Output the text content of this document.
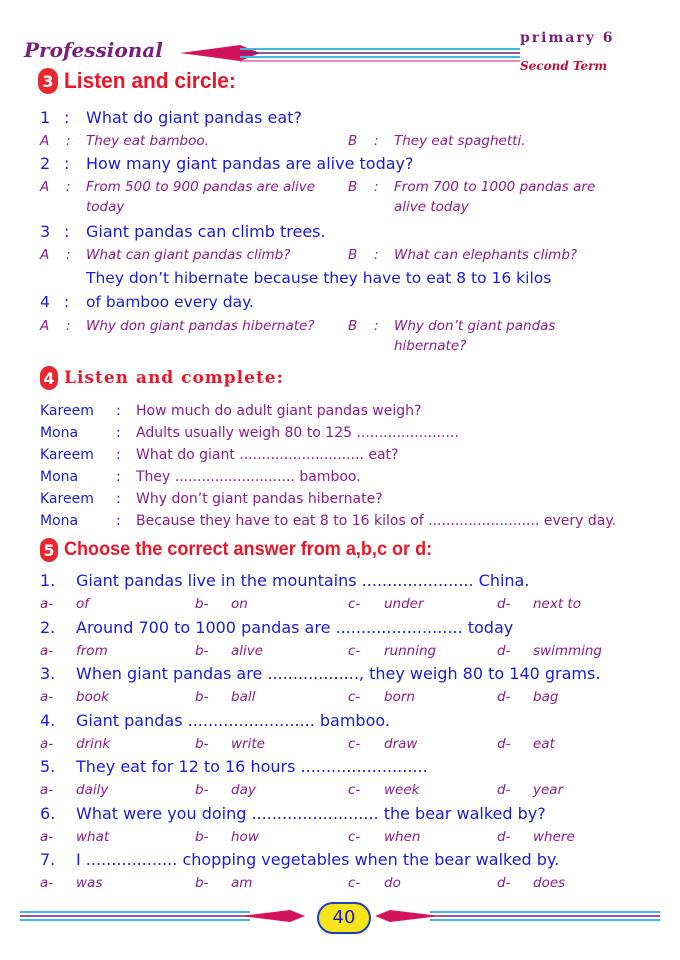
Professional	primary 6
Second Term
3 Listen and circle:
1 : What do giant pandas eat?
A : They eat bamboo.	B : They eat spaghetti.
2 : How many giant pandas are alive today?
A : From 500 to 900 pandas are alive
today
B : From 700 to 1000 pandas are
alive today
3 : Giant pandas can climb trees.
A : What can giant pandas climb?	B : What can elephants climb?
4 :They don’t hibernate because they have to eat 8 to 16 kilos
of bamboo every day.
A : Why don giant pandas hibernate? B : Why don’t giant pandas
hibernate?
4 Listen and complete:
Kareem : How much do adult giant pandas weigh?
Mona	: Adults usually weigh 80 to 125 .......................
Kareem : What do giant ............................ eat?
Mona	: They ........................... bamboo.
Kareem : Why don’t giant pandas hibernate?
Mona	: Because they have to eat 8 to 16 kilos of ......................... every day.
5 Choose the correct answer from a,b,c or d:
1. Giant pandas live in the mountains ...................... China.
a- of	b- on	c- under	d- next to
2. Around 700 to 1000 pandas are ......................... today
a- from	b- alive	c- running	d- swimming
3. When giant pandas are .................., they weigh 80 to 140 grams.
a- book	b- ball	c- born	d- bag
4. Giant pandas ......................... bamboo.
a- drink	b- write	c- draw	d- eat
5. They eat for 12 to 16 hours .........................
a- daily	b- day	c- week	d- year
6. What were you doing ......................... the bear walked by?
a- what	b- how	c- when	d- where
7. I .................. chopping vegetables when the bear walked by.
a- was	b- am	c- do	d- does
40
